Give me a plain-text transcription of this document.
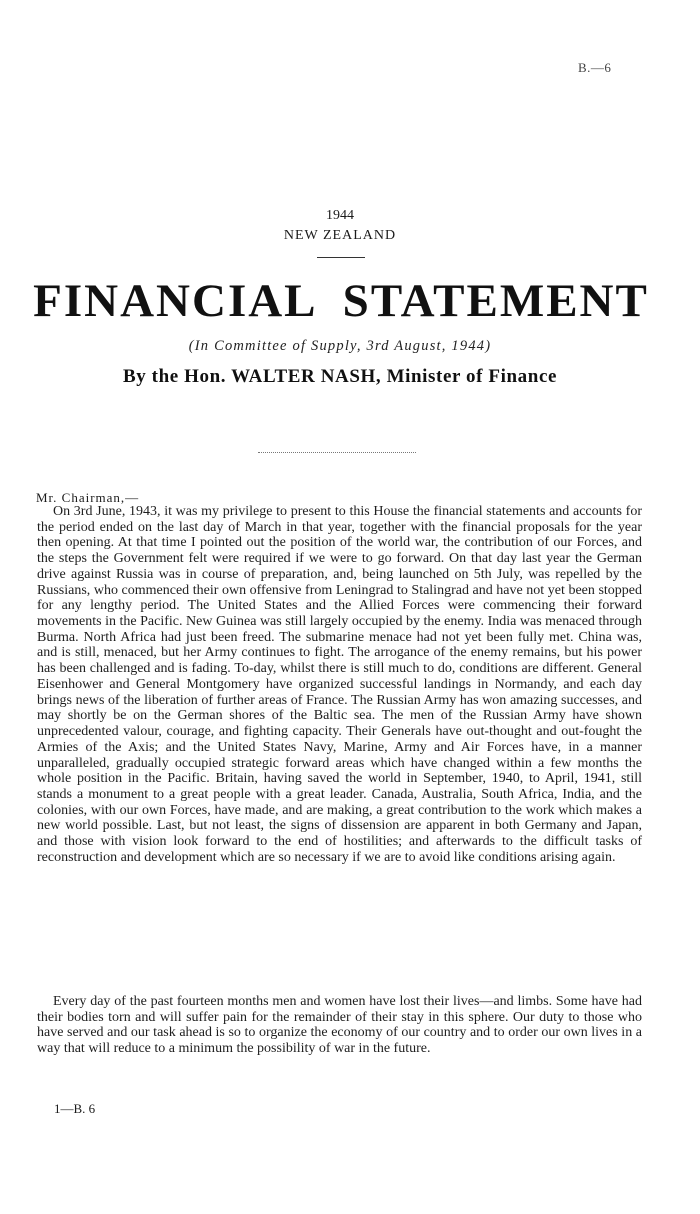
B.—6
1944
NEW ZEALAND
FINANCIAL STATEMENT
(In Committee of Supply, 3rd August, 1944)
By the Hon. WALTER NASH, Minister of Finance
Mr. Chairman,—

On 3rd June, 1943, it was my privilege to present to this House the financial statements and accounts for the period ended on the last day of March in that year, together with the financial proposals for the year then opening. At that time I pointed out the position of the world war, the contribution of our Forces, and the steps the Government felt were required if we were to go forward. On that day last year the German drive against Russia was in course of preparation, and, being launched on 5th July, was repelled by the Russians, who commenced their own offensive from Leningrad to Stalingrad and have not yet been stopped for any lengthy period. The United States and the Allied Forces were commencing their forward movements in the Pacific. New Guinea was still largely occupied by the enemy. India was menaced through Burma. North Africa had just been freed. The submarine menace had not yet been fully met. China was, and is still, menaced, but her Army continues to fight. The arrogance of the enemy remains, but his power has been challenged and is fading. To-day, whilst there is still much to do, conditions are different. General Eisenhower and General Montgomery have organized successful landings in Normandy, and each day brings news of the liberation of further areas of France. The Russian Army has won amazing successes, and may shortly be on the German shores of the Baltic sea. The men of the Russian Army have shown unprecedented valour, courage, and fighting capacity. Their Generals have out-thought and out-fought the Armies of the Axis; and the United States Navy, Marine, Army and Air Forces have, in a manner unparalleled, gradually occupied strategic forward areas which have changed within a few months the whole position in the Pacific. Britain, having saved the world in September, 1940, to April, 1941, still stands a monument to a great people with a great leader. Canada, Australia, South Africa, India, and the colonies, with our own Forces, have made, and are making, a great contribution to the work which makes a new world possible. Last, but not least, the signs of dissension are apparent in both Germany and Japan, and those with vision look forward to the end of hostilities; and afterwards to the difficult tasks of reconstruction and development which are so necessary if we are to avoid like conditions arising again.

Every day of the past fourteen months men and women have lost their lives—and limbs. Some have had their bodies torn and will suffer pain for the remainder of their stay in this sphere. Our duty to those who have served and our task ahead is so to organize the economy of our country and to order our own lives in a way that will reduce to a minimum the possibility of war in the future.

1—B. 6
